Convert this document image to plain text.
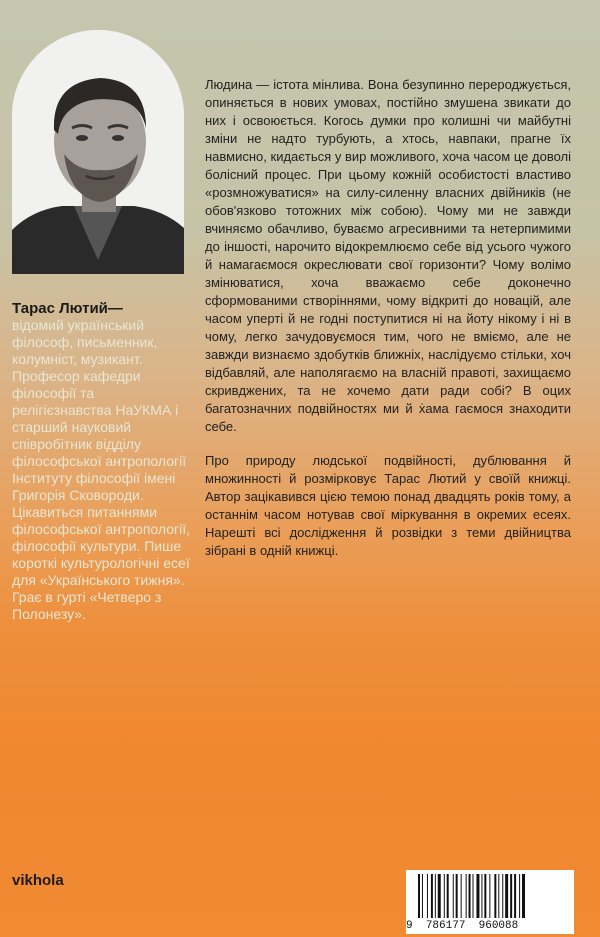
Тарас Лютий—
відомий український філософ, письменник, колумніст, музикант. Професор кафедри філософії та релігієзнавства НаУКМА і старший науковий співробітник відділу філософської антропології Інституту філософії імені Григорія Сковороди. Цікавиться питаннями філософської антропології, філософії культури. Пише короткі культурологічні есеї для «Українського тижня». Грає в гурті «Четверо з Полонезу».

Людина — істота мінлива. Вона безупинно перероджується, опиняється в нових умовах, постійно змушена звикати до них і освоюється. Когось думки про колишні чи майбутні зміни не надто турбують, а хтось, навпаки, прагне їх навмисно, кидається у вир можливого, хоча часом це доволі болісний процес. При цьому кожній особистості властиво «розмножуватися» на силу-силенну власних двійників (не обов'язково тотожних між собою). Чому ми не завжди вчиняємо обачливо, буваємо агресивними та нетерпимими до іншості, нарочито відокремлюємо себе від усього чужого й намагаємося окреслювати свої горизонти? Чому волімо змінюватися, хоча вважаємо себе доконечно сформованими створіннями, чому відкриті до новацій, але часом уперті й не годні поступитися ні на йоту нікому і ні в чому, легко зачудовуємося тим, чого не вміємо, але не завжди визнаємо здобутків ближніх, наслідуємо стільки, хоч відбавляй, але наполягаємо на власній правоті, захищаємо скривджених, та не хочемо дати ради собі? В оцих багатозначних подвійностях ми й ẋама гаємося знаходити себе.

Про природу людської подвійності, дублювання й множинності й розмірковує Тарас Лютий у своїй книжці. Автор зацікавився цією темою понад двадцять років тому, а останнім часом нотував свої міркування в окремих есеях. Нарешті всі дослідження й розвідки з теми двійництва зібрані в одній книжці.

vikhola
9 786177 960088
